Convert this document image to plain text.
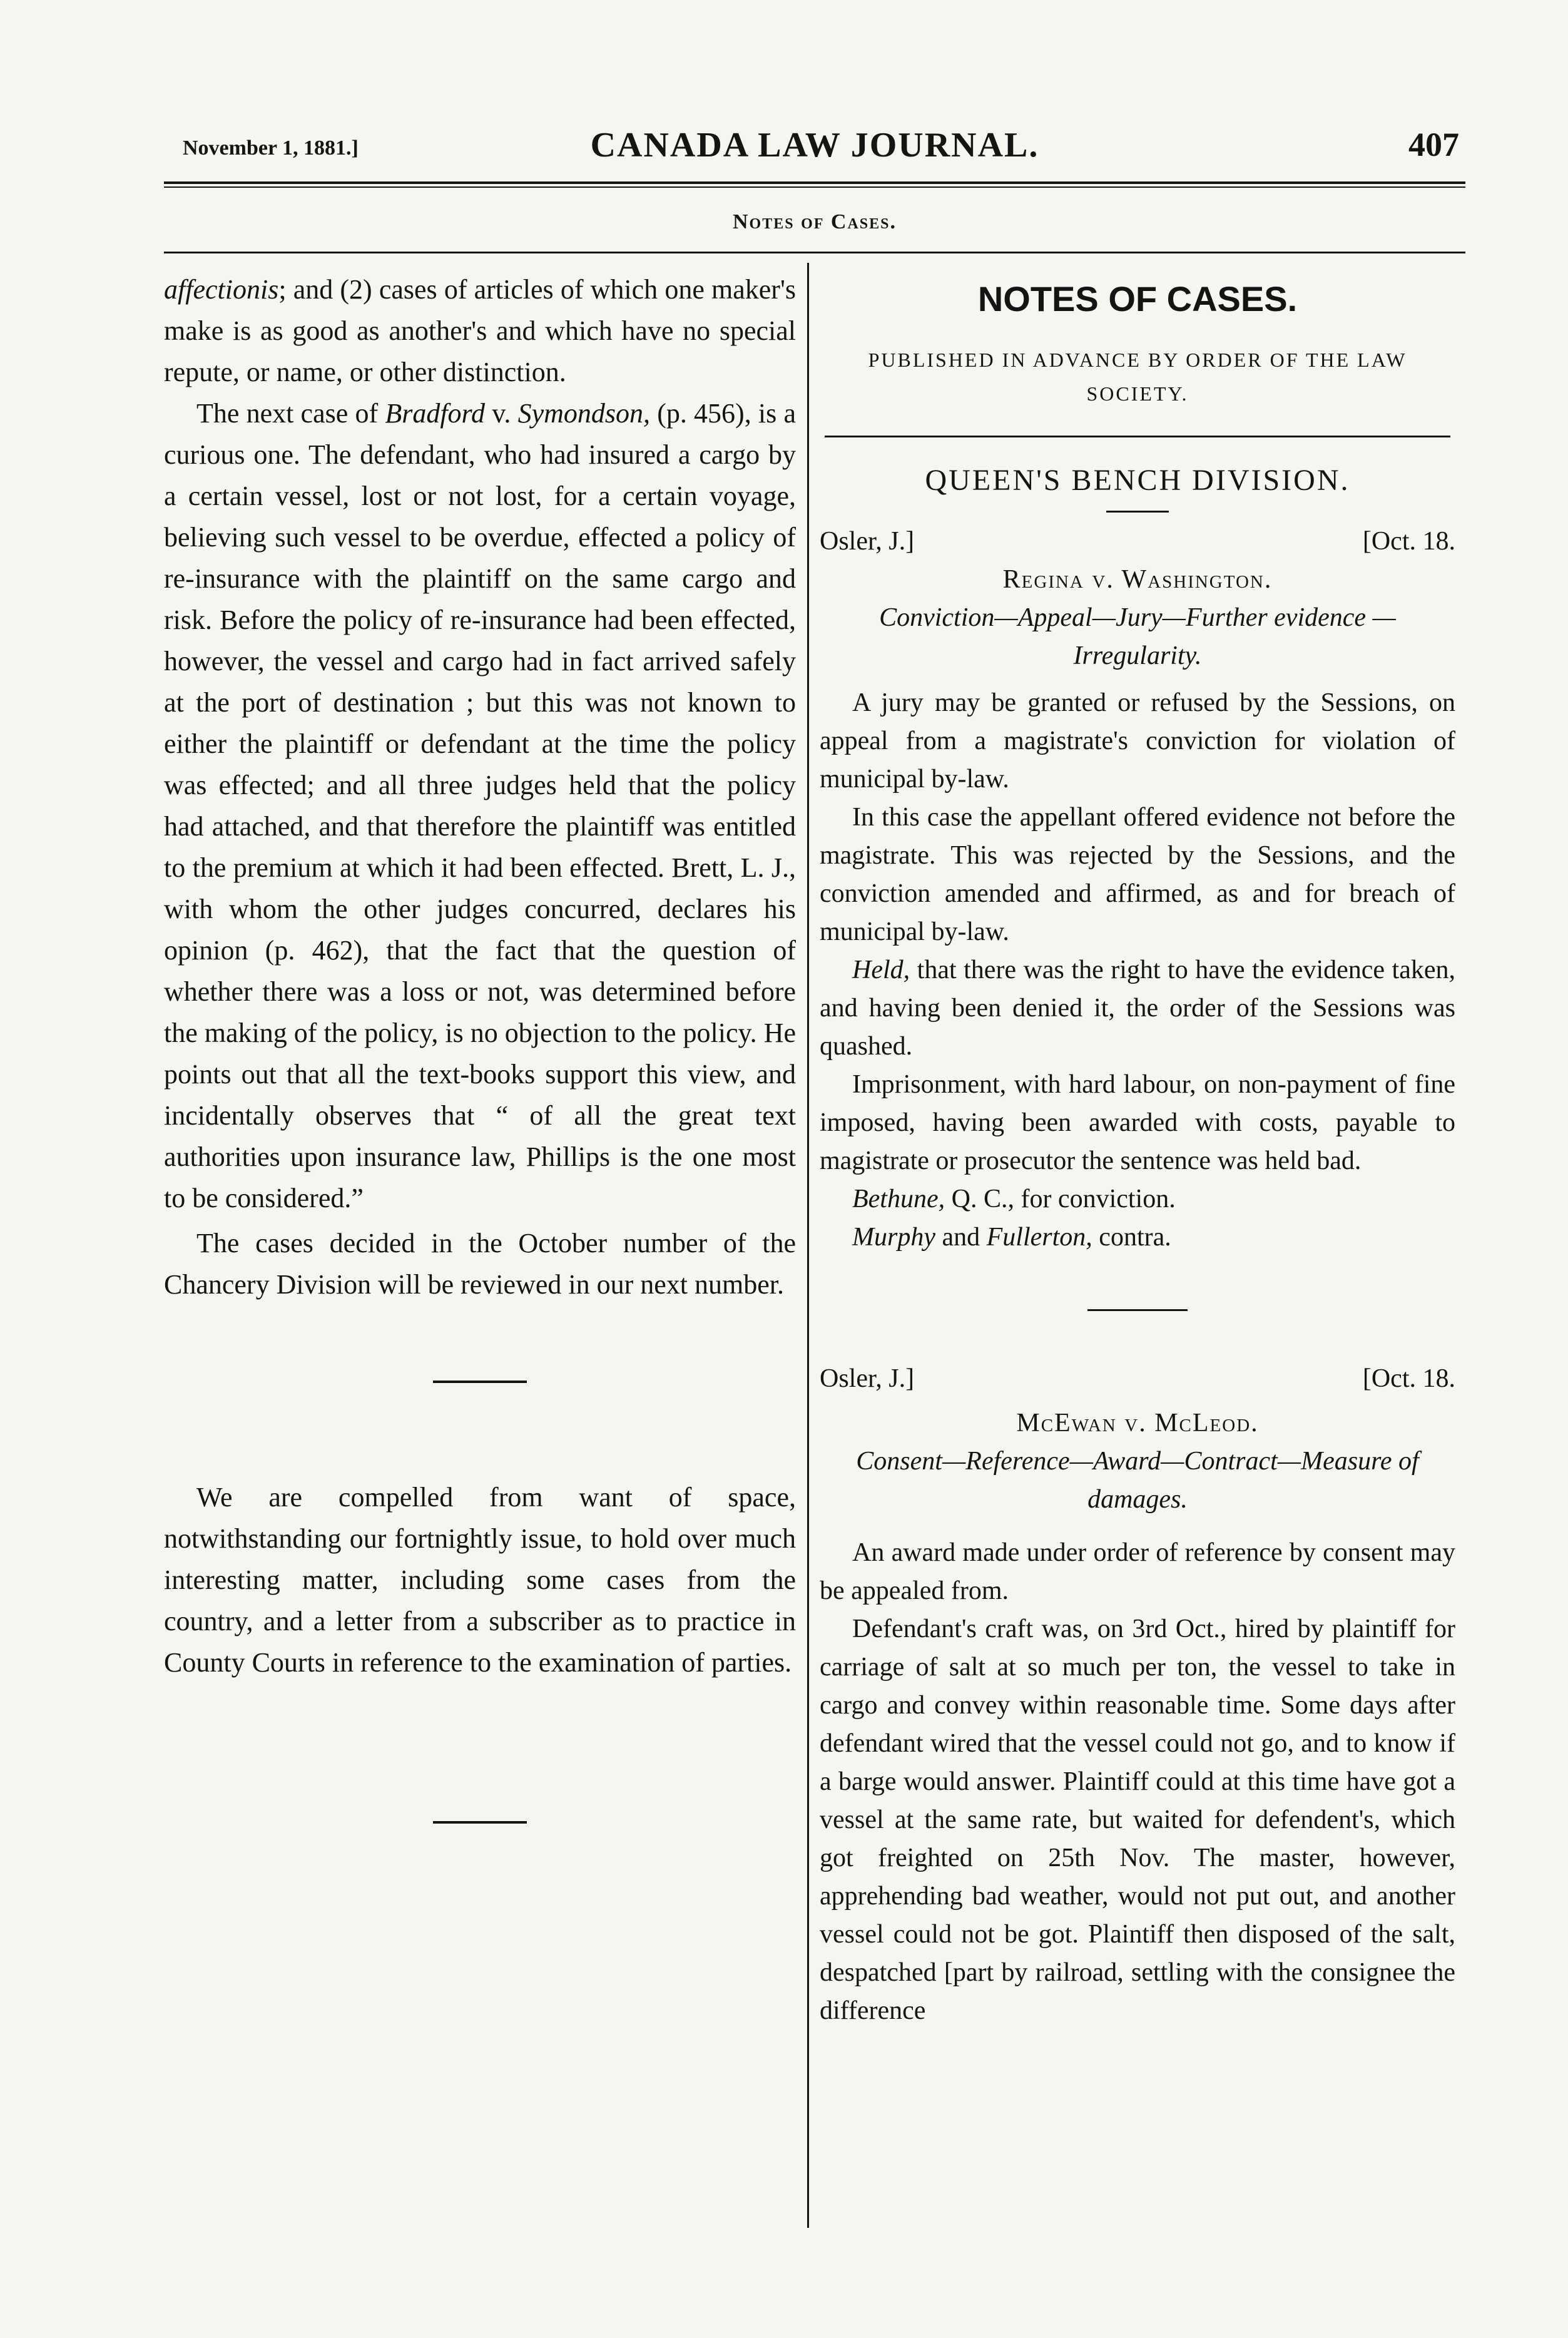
November 1, 1881.]	CANADA LAW JOURNAL.	407
Notes of Cases.

affectionis; and (2) cases of articles of which one maker's make is as good as another's and which have no special repute, or name, or other distinction.

The next case of Bradford v. Symondson, (p. 456), is a curious one. The defendant, who had insured a cargo by a certain vessel, lost or not lost, for a certain voyage, believing such vessel to be overdue, effected a policy of re-insurance with the plaintiff on the same cargo and risk. Before the policy of re-insurance had been effected, however, the vessel and cargo had in fact arrived safely at the port of destination ; but this was not known to either the plaintiff or defendant at the time the policy was effected; and all three judges held that the policy had attached, and that therefore the plaintiff was entitled to the premium at which it had been effected. Brett, L. J., with whom the other judges concurred, declares his opinion (p. 462), that the fact that the question of whether there was a loss or not, was determined before the making of the policy, is no objection to the policy. He points out that all the text-books support this view, and incidentally observes that “ of all the great text authorities upon insurance law, Phillips is the one most to be considered.”

The cases decided in the October number of the Chancery Division will be reviewed in our next number.

We are compelled from want of space, notwithstanding our fortnightly issue, to hold over much interesting matter, including some cases from the country, and a letter from a subscriber as to practice in County Courts in reference to the examination of parties.

NOTES OF CASES.

PUBLISHED IN ADVANCE BY ORDER OF THE LAW SOCIETY.

QUEEN'S BENCH DIVISION.

Osler, J.]	[Oct. 18.

Regina v. Washington.

Conviction—Appeal—Jury—Further evidence —Irregularity.

A jury may be granted or refused by the Sessions, on appeal from a magistrate's conviction for violation of municipal by-law.

In this case the appellant offered evidence not before the magistrate. This was rejected by the Sessions, and the conviction amended and affirmed, as and for breach of municipal by-law.

Held, that there was the right to have the evidence taken, and having been denied it, the order of the Sessions was quashed.

Imprisonment, with hard labour, on non-payment of fine imposed, having been awarded with costs, payable to magistrate or prosecutor the sentence was held bad.

Bethune, Q. C., for conviction.

Murphy and Fullerton, contra.

Osler, J.]	[Oct. 18.

McEwan v. McLeod.

Consent—Reference—Award—Contract—Measure of damages.

An award made under order of reference by consent may be appealed from.

Defendant's craft was, on 3rd Oct., hired by plaintiff for carriage of salt at so much per ton, the vessel to take in cargo and convey within reasonable time. Some days after defendant wired that the vessel could not go, and to know if a barge would answer. Plaintiff could at this time have got a vessel at the same rate, but waited for defendent's, which got freighted on 25th Nov. The master, however, apprehending bad weather, would not put out, and another vessel could not be got. Plaintiff then disposed of the salt, despatched [part by railroad, settling with the consignee the difference
